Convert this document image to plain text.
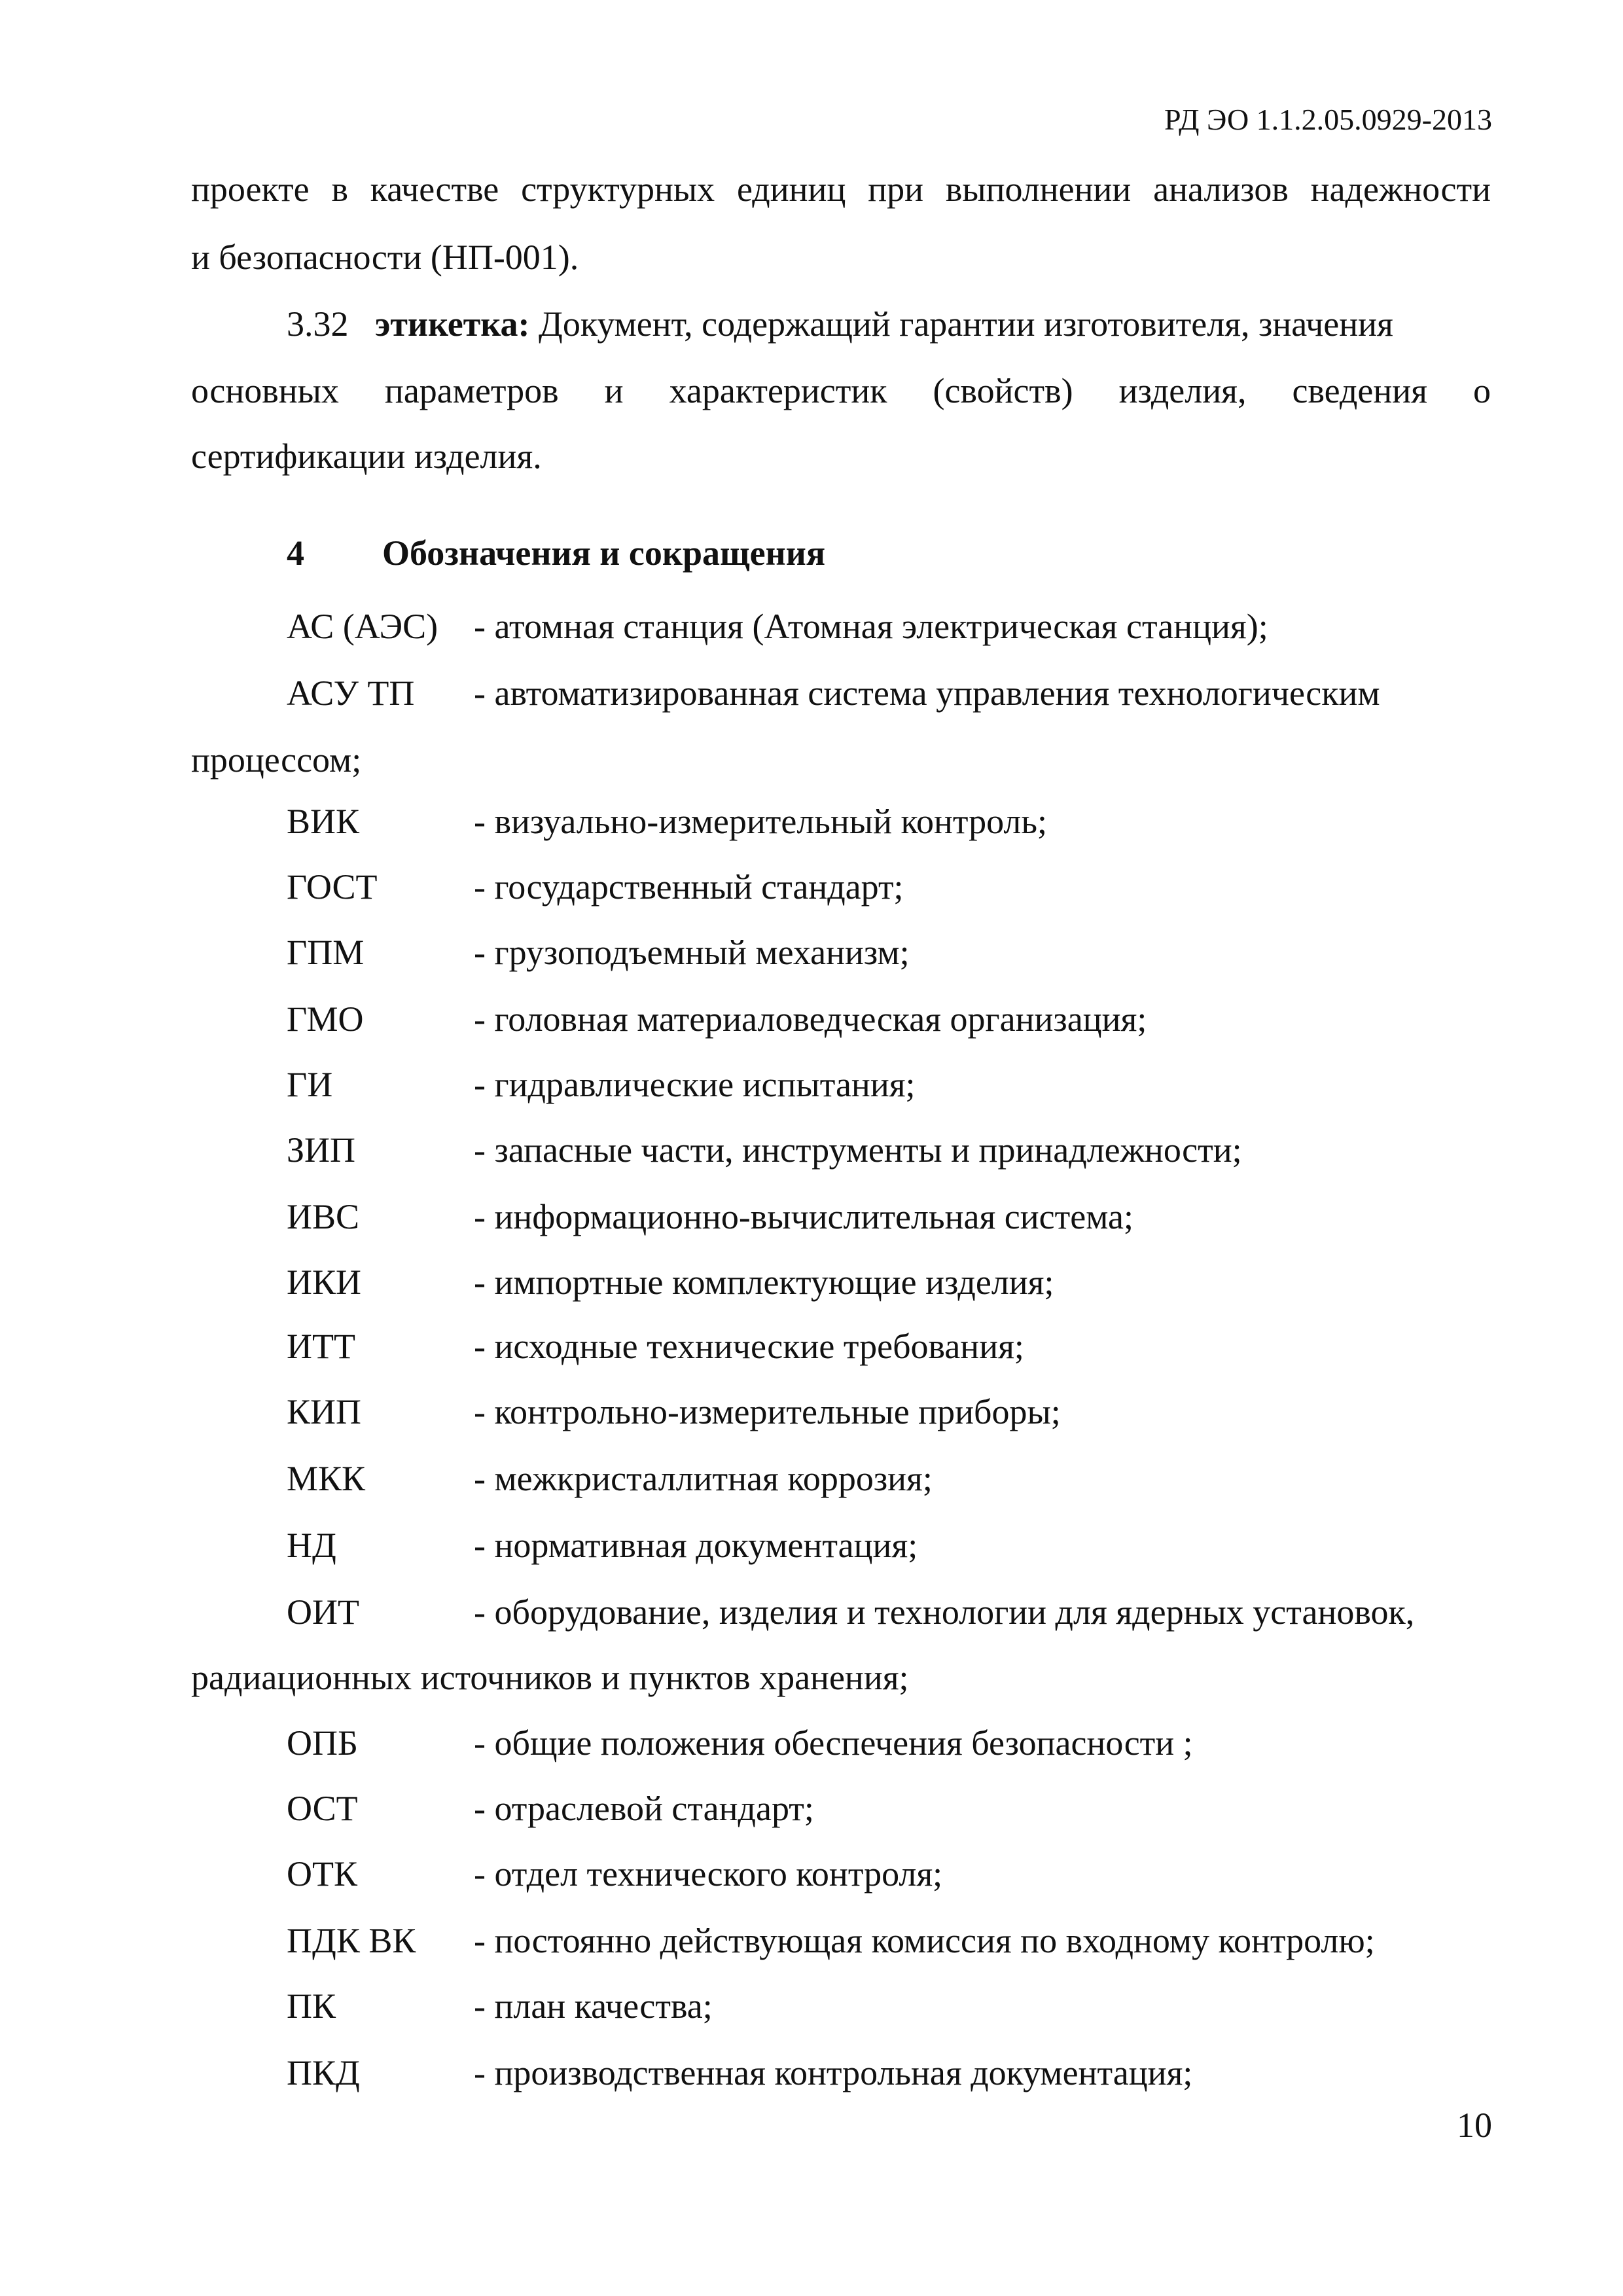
РД ЭО 1.1.2.05.0929-2013
проекте в качестве структурных единиц при выполнении анализов надежности
и безопасности (НП-001).
3.32 этикетка: Документ, содержащий гарантии изготовителя, значения
основных параметров и характеристик (свойств) изделия, сведения о
сертификации изделия.
4 Обозначения и сокращения
АС (АЭС) - атомная станция (Атомная электрическая станция);
АСУ ТП - автоматизированная система управления технологическим
процессом;
ВИК	- визуально-измерительный контроль;
ГОСТ	- государственный стандарт;
ГПМ	- грузоподъемный механизм;
ГМО	- головная материаловедческая организация;
ГИ	- гидравлические испытания;
ЗИП	- запасные части, инструменты и принадлежности;
ИВС	- информационно-вычислительная система;
ИКИ	- импортные комплектующие изделия;
ИТТ	- исходные технические требования;
КИП	- контрольно-измерительные приборы;
МКК	- межкристаллитная коррозия;
НД	- нормативная документация;
ОИТ	- оборудование, изделия и технологии для ядерных установок,
радиационных источников и пунктов хранения;
ОПБ	- общие положения обеспечения безопасности ;
ОСТ	- отраслевой стандарт;
ОТК	- отдел технического контроля;
ПДК ВК - постоянно действующая комиссия по входному контролю;
ПК	- план качества;
ПКД	- производственная контрольная документация;
10
